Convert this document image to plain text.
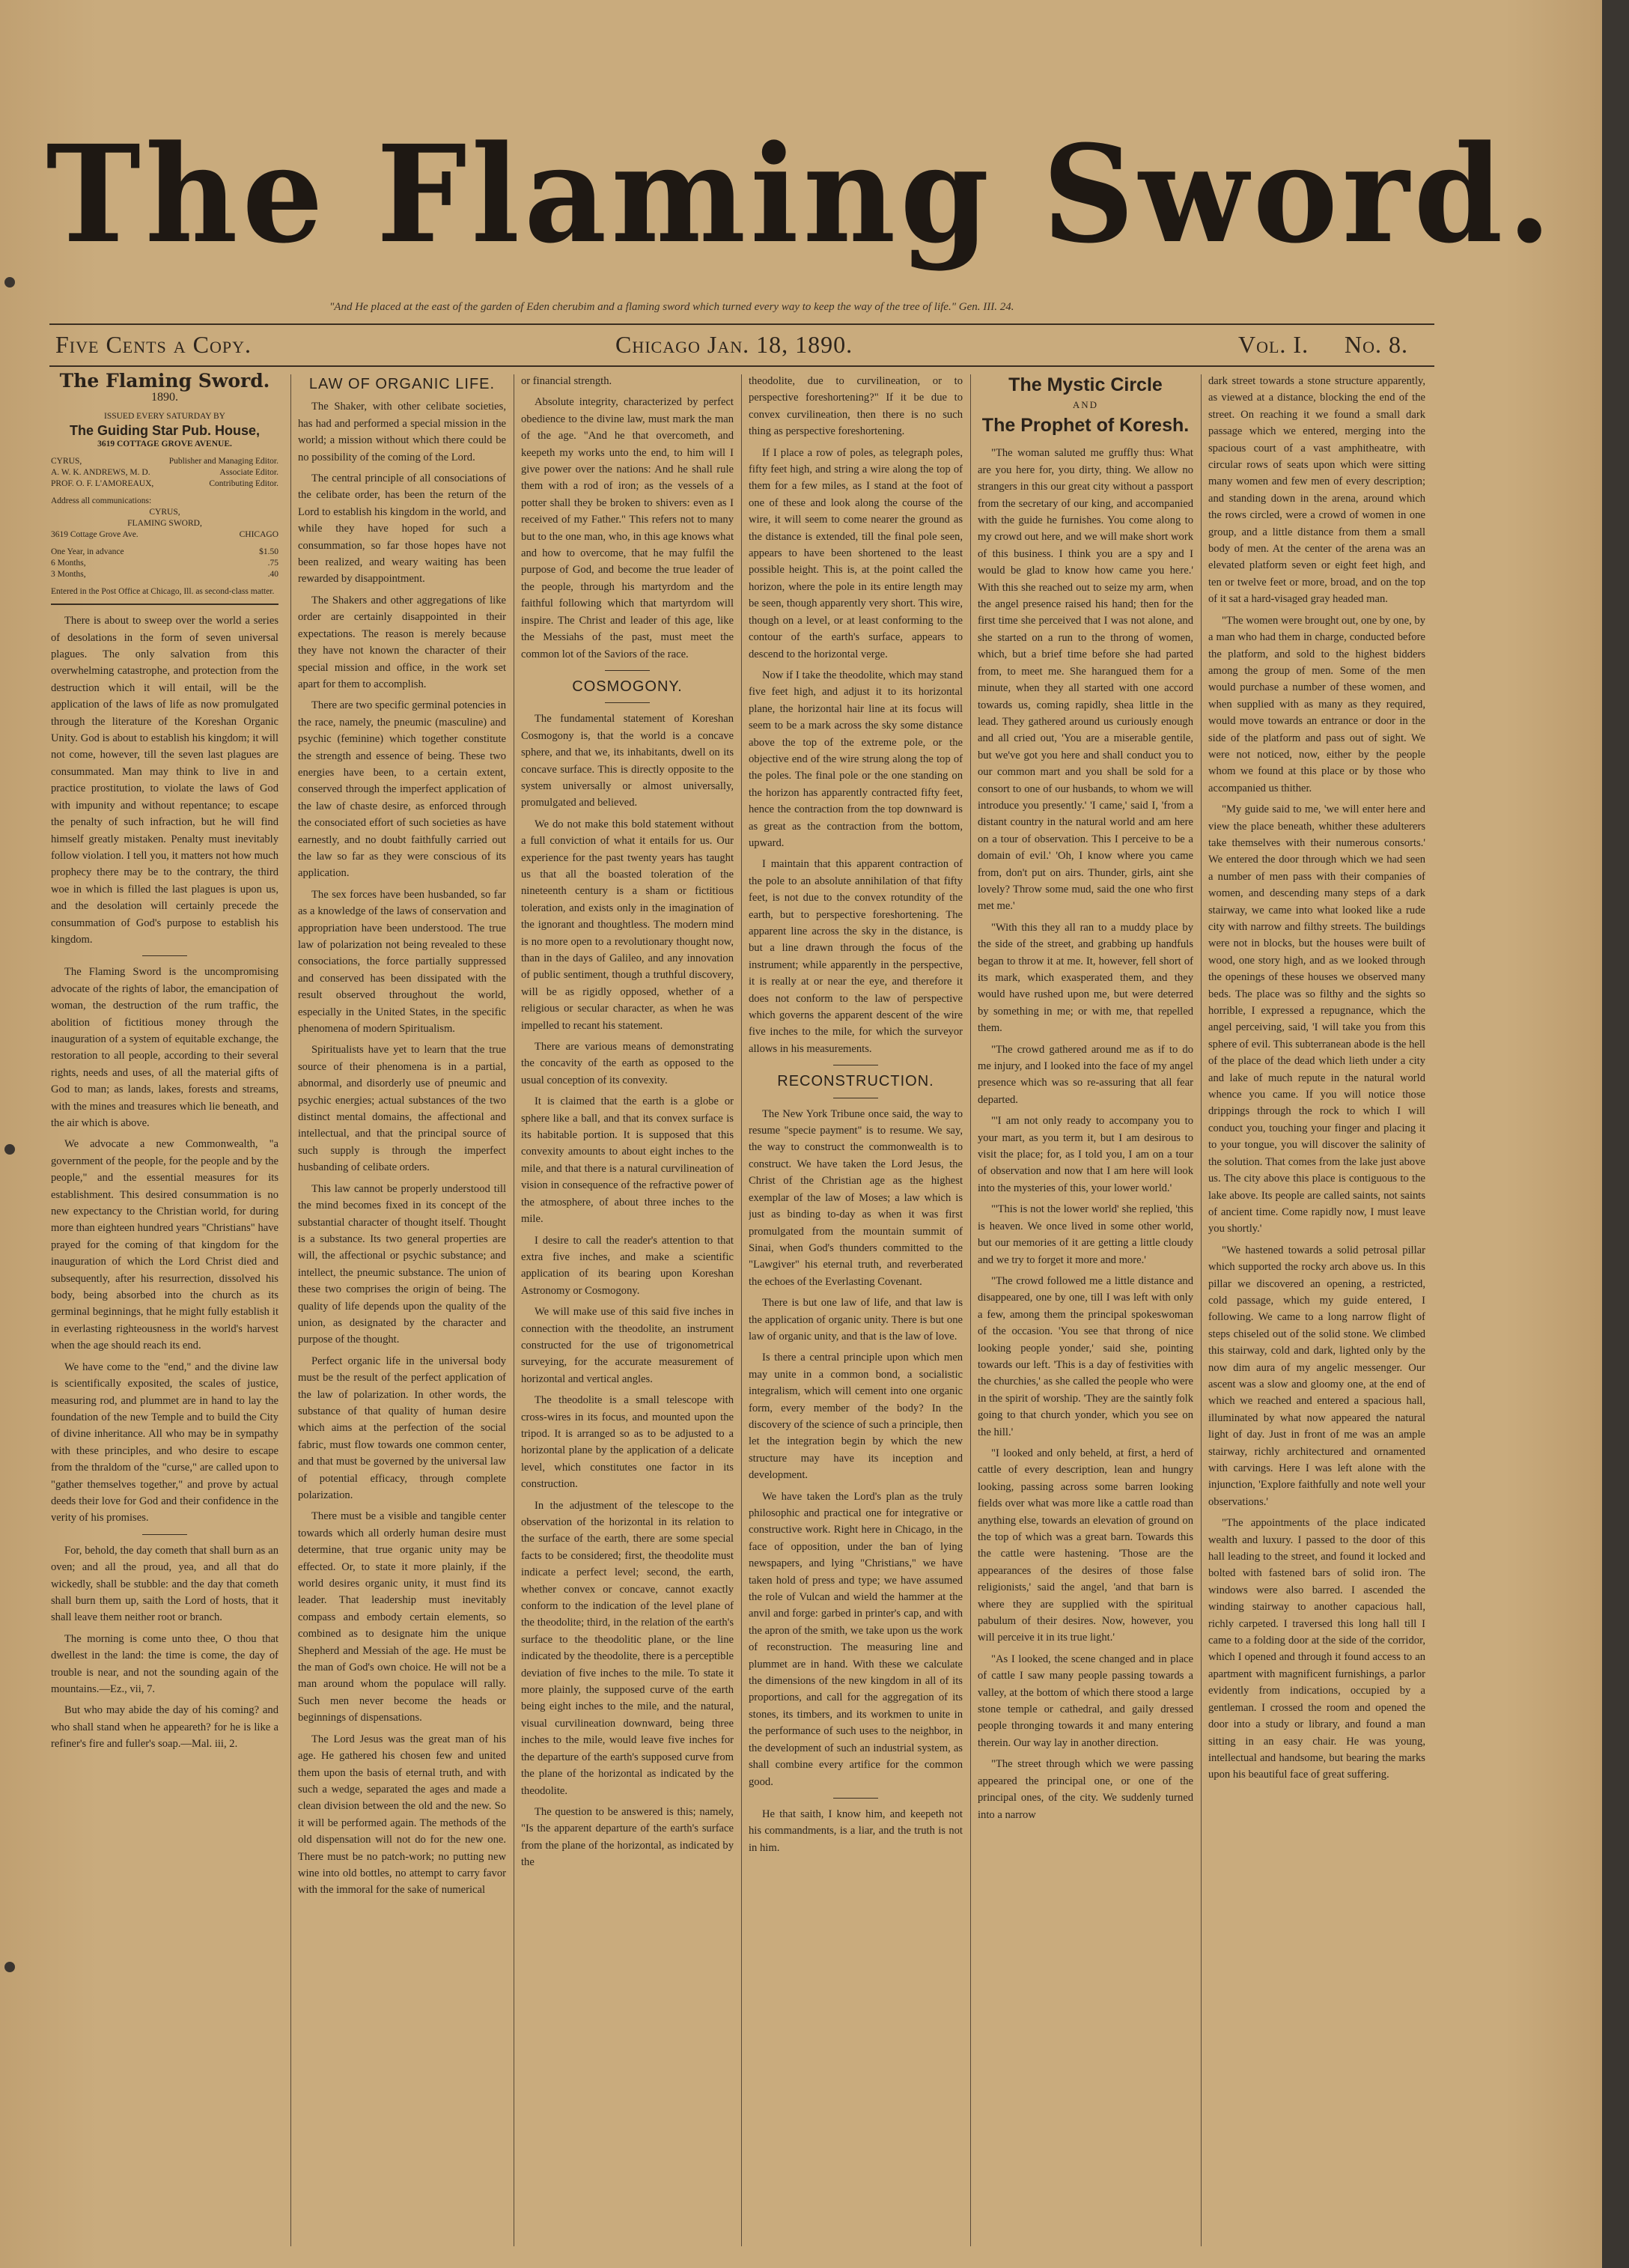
The Flaming Sword.
"And He placed at the east of the garden of Eden cherubim and a flaming sword which turned every way to keep the way of the tree of life." Gen. III. 24.
Five Cents a Copy.	Chicago Jan. 18, 1890.	Vol. I. No. 8.
The Flaming Sword.
1890.
ISSUED EVERY SATURDAY BY
The Guiding Star Pub. House,
3619 COTTAGE GROVE AVENUE.
CYRUS,	Publisher and Managing Editor.
A. W. K. ANDREWS, M. D.	Associate Editor.
PROF. O. F. L'AMOREAUX,	Contributing Editor.
Address all communications:
CYRUS,
FLAMING SWORD,
3619 Cottage Grove Ave.	CHICAGO
One Year, in advance	$1.50
6 Months,	.75
3 Months,	.40
Entered in the Post Office at Chicago, Ill. as second-class matter.

There is about to sweep over the world a series of desolations in the form of seven universal plagues. The only salvation from this overwhelming catastrophe, and protection from the destruction which it will entail, will be the application of the laws of life as now promulgated through the literature of the Koreshan Organic Unity. God is about to establish his kingdom; it will not come, however, till the seven last plagues are consummated. Man may think to live in and practice prostitution, to violate the laws of God with impunity and without repentance; to escape the penalty of such infraction, but he will find himself greatly mistaken. Penalty must inevitably follow violation. I tell you, it matters not how much prophecy there may be to the contrary, the third woe in which is filled the last plagues is upon us, and the desolation will certainly precede the consummation of God's purpose to establish his kingdom.

The Flaming Sword is the uncompromising advocate of the rights of labor, the emancipation of woman, the destruction of the rum traffic, the abolition of fictitious money through the inauguration of a system of equitable exchange, the restoration to all people, according to their several rights, needs and uses, of all the material gifts of God to man; as lands, lakes, forests and streams, with the mines and treasures which lie beneath, and the air which is above.

We advocate a new Commonwealth, "a government of the people, for the people and by the people," and the essential measures for its establishment. This desired consummation is no new expectancy to the Christian world, for during more than eighteen hundred years "Christians" have prayed for the coming of that kingdom for the inauguration of which the Lord Christ died and subsequently, after his resurrection, dissolved his body, being absorbed into the church as its germinal beginnings, that he might fully establish it in everlasting righteousness in the world's harvest when the age should reach its end.

We have come to the "end," and the divine law is scientifically exposited, the scales of justice, measuring rod, and plummet are in hand to lay the foundation of the new Temple and to build the City of divine inheritance. All who may be in sympathy with these principles, and who desire to escape from the thraldom of the "curse," are called upon to "gather themselves together," and prove by actual deeds their love for God and their confidence in the verity of his promises.

For, behold, the day cometh that shall burn as an oven; and all the proud, yea, and all that do wickedly, shall be stubble: and the day that cometh shall burn them up, saith the Lord of hosts, that it shall leave them neither root or branch.

The morning is come unto thee, O thou that dwellest in the land: the time is come, the day of trouble is near, and not the sounding again of the mountains.—Ez., vii, 7.

But who may abide the day of his coming? and who shall stand when he appeareth? for he is like a refiner's fire and fuller's soap.—Mal. iii, 2.

LAW OF ORGANIC LIFE.

The Shaker, with other celibate societies, has had and performed a special mission in the world; a mission without which there could be no possibility of the coming of the Lord.

The central principle of all consociations of the celibate order, has been the return of the Lord to establish his kingdom in the world, and while they have hoped for such a consummation, so far those hopes have not been realized, and weary waiting has been rewarded by disappointment.

The Shakers and other aggregations of like order are certainly disappointed in their expectations. The reason is merely because they have not known the character of their special mission and office, in the work set apart for them to accomplish.

There are two specific germinal potencies in the race, namely, the pneumic (masculine) and psychic (feminine) which together constitute the strength and essence of being. These two energies have been, to a certain extent, conserved through the imperfect application of the law of chaste desire, as enforced through the consociated effort of such societies as have earnestly, and no doubt faithfully carried out the law so far as they were conscious of its application.

The sex forces have been husbanded, so far as a knowledge of the laws of conservation and appropriation have been understood. The true law of polarization not being revealed to these consociations, the force partially suppressed and conserved has been dissipated with the result observed throughout the world, especially in the United States, in the specific phenomena of modern Spiritualism.

Spiritualists have yet to learn that the true source of their phenomena is in a partial, abnormal, and disorderly use of pneumic and psychic energies; actual substances of the two distinct mental domains, the affectional and intellectual, and that the principal source of such supply is through the imperfect husbanding of celibate orders.

This law cannot be properly understood till the mind becomes fixed in its concept of the substantial character of thought itself. Thought is a substance. Its two general properties are will, the affectional or psychic substance; and intellect, the pneumic substance. The union of these two comprises the origin of being. The quality of life depends upon the quality of the union, as designated by the character and purpose of the thought.

Perfect organic life in the universal body must be the result of the perfect application of the law of polarization. In other words, the substance of that quality of human desire which aims at the perfection of the social fabric, must flow towards one common center, and that must be governed by the universal law of potential efficacy, through complete polarization.

There must be a visible and tangible center towards which all orderly human desire must determine, that true organic unity may be effected. Or, to state it more plainly, if the world desires organic unity, it must find its leader. That leadership must inevitably compass and embody certain elements, so combined as to designate him the unique Shepherd and Messiah of the age. He must be the man of God's own choice. He will not be a man around whom the populace will rally. Such men never become the heads or beginnings of dispensations.

The Lord Jesus was the great man of his age. He gathered his chosen few and united them upon the basis of eternal truth, and with such a wedge, separated the ages and made a clean division between the old and the new. So it will be performed again. The methods of the old dispensation will not do for the new one. There must be no patch-work; no putting new wine into old bottles, no attempt to carry favor with the immoral for the sake of numerical

or financial strength.

Absolute integrity, characterized by perfect obedience to the divine law, must mark the man of the age. "And he that overcometh, and keepeth my works unto the end, to him will I give power over the nations: And he shall rule them with a rod of iron; as the vessels of a potter shall they be broken to shivers: even as I received of my Father." This refers not to many but to the one man, who, in this age knows what and how to overcome, that he may fulfil the purpose of God, and become the true leader of the people, through his martyrdom and the faithful following which that martyrdom will inspire. The Christ and leader of this age, like the Messiahs of the past, must meet the common lot of the Saviors of the race.

COSMOGONY.

The fundamental statement of Koreshan Cosmogony is, that the world is a concave sphere, and that we, its inhabitants, dwell on its concave surface. This is directly opposite to the system universally or almost universally, promulgated and believed.

We do not make this bold statement without a full conviction of what it entails for us. Our experience for the past twenty years has taught us that all the boasted toleration of the nineteenth century is a sham or fictitious toleration, and exists only in the imagination of the ignorant and thoughtless. The modern mind is no more open to a revolutionary thought now, than in the days of Galileo, and any innovation of public sentiment, though a truthful discovery, will be as rigidly opposed, whether of a religious or secular character, as when he was impelled to recant his statement.

There are various means of demonstrating the concavity of the earth as opposed to the usual conception of its convexity.

It is claimed that the earth is a globe or sphere like a ball, and that its convex surface is its habitable portion. It is supposed that this convexity amounts to about eight inches to the mile, and that there is a natural curvilineation of vision in consequence of the refractive power of the atmosphere, of about three inches to the mile.

I desire to call the reader's attention to that extra five inches, and make a scientific application of its bearing upon Koreshan Astronomy or Cosmogony.

We will make use of this said five inches in connection with the theodolite, an instrument constructed for the use of trigonometrical surveying, for the accurate measurement of horizontal and vertical angles.

The theodolite is a small telescope with cross-wires in its focus, and mounted upon the tripod. It is arranged so as to be adjusted to a horizontal plane by the application of a delicate level, which constitutes one factor in its construction.

In the adjustment of the telescope to the observation of the horizontal in its relation to the surface of the earth, there are some special facts to be considered; first, the theodolite must indicate a perfect level; second, the earth, whether convex or concave, cannot exactly conform to the indication of the level plane of the theodolite; third, in the relation of the earth's surface to the theodolitic plane, or the line indicated by the theodolite, there is a perceptible deviation of five inches to the mile. To state it more plainly, the supposed curve of the earth being eight inches to the mile, and the natural, visual curvilineation downward, being three inches to the mile, would leave five inches for the departure of the earth's supposed curve from the plane of the horizontal as indicated by the theodolite.

The question to be answered is this; namely, "Is the apparent departure of the earth's surface from the plane of the horizontal, as indicated by the

theodolite, due to curvilineation, or to perspective foreshortening?" If it be due to convex curvilineation, then there is no such thing as perspective foreshortening.

If I place a row of poles, as telegraph poles, fifty feet high, and string a wire along the top of them for a few miles, as I stand at the foot of one of these and look along the course of the wire, it will seem to come nearer the ground as the distance is extended, till the final pole seen, appears to have been shortened to the least possible height. This is, at the point called the horizon, where the pole in its entire length may be seen, though apparently very short. This wire, though on a level, or at least conforming to the contour of the earth's surface, appears to descend to the horizontal verge.

Now if I take the theodolite, which may stand five feet high, and adjust it to its horizontal plane, the horizontal hair line at its focus will seem to be a mark across the sky some distance above the top of the extreme pole, or the objective end of the wire strung along the top of the poles. The final pole or the one standing on the horizon has apparently contracted fifty feet, hence the contraction from the top downward is as great as the contraction from the bottom, upward.

I maintain that this apparent contraction of the pole to an absolute annihilation of that fifty feet, is not due to the convex rotundity of the earth, but to perspective foreshortening. The apparent line across the sky in the distance, is but a line drawn through the focus of the instrument; while apparently in the perspective, it is really at or near the eye, and therefore it does not conform to the law of perspective which governs the apparent descent of the wire five inches to the mile, for which the surveyor allows in his measurements.

RECONSTRUCTION.

The New York Tribune once said, the way to resume "specie payment" is to resume. We say, the way to construct the commonwealth is to construct. We have taken the Lord Jesus, the Christ of the Christian age as the highest exemplar of the law of Moses; a law which is just as binding to-day as when it was first promulgated from the mountain summit of Sinai, when God's thunders committed to the "Lawgiver" his eternal truth, and reverberated the echoes of the Everlasting Covenant.

There is but one law of life, and that law is the application of organic unity. There is but one law of organic unity, and that is the law of love.

Is there a central principle upon which men may unite in a common bond, a socialistic integralism, which will cement into one organic form, every member of the body? In the discovery of the science of such a principle, then let the integration begin by which the new structure may have its inception and development.

We have taken the Lord's plan as the truly philosophic and practical one for integrative or constructive work. Right here in Chicago, in the face of opposition, under the ban of lying newspapers, and lying "Christians," we have taken hold of press and type; we have assumed the role of Vulcan and wield the hammer at the anvil and forge: garbed in printer's cap, and with the apron of the smith, we take upon us the work of reconstruction. The measuring line and plummet are in hand. With these we calculate the dimensions of the new kingdom in all of its proportions, and call for the aggregation of its stones, its timbers, and its workmen to unite in the performance of such uses to the neighbor, in the development of such an industrial system, as shall combine every artifice for the common good.

He that saith, I know him, and keepeth not his commandments, is a liar, and the truth is not in him.

The Mystic Circle
AND
The Prophet of Koresh.

"The woman saluted me gruffly thus: What are you here for, you dirty, thing. We allow no strangers in this our great city without a passport from the secretary of our king, and accompanied with the guide he furnishes. You come along to my crowd out here, and we will make short work of this business. I think you are a spy and I would be glad to know how came you here.' With this she reached out to seize my arm, when the angel presence raised his hand; then for the first time she perceived that I was not alone, and she started on a run to the throng of women, which, but a brief time before she had parted from, to meet me. She harangued them for a minute, when they all started with one accord towards us, coming rapidly, shea little in the lead. They gathered around us curiously enough and all cried out, 'You are a miserable gentile, but we've got you here and shall conduct you to our common mart and you shall be sold for a consort to one of our husbands, to whom we will introduce you presently.' 'I came,' said I, 'from a distant country in the natural world and am here on a tour of observation. This I perceive to be a domain of evil.' 'Oh, I know where you came from, don't put on airs. Thunder, girls, aint she lovely? Throw some mud, said the one who first met me.'

"With this they all ran to a muddy place by the side of the street, and grabbing up handfuls began to throw it at me. It, however, fell short of its mark, which exasperated them, and they would have rushed upon me, but were deterred by something in me; or with me, that repelled them.

"The crowd gathered around me as if to do me injury, and I looked into the face of my angel presence which was so re-assuring that all fear departed.

"'I am not only ready to accompany you to your mart, as you term it, but I am desirous to visit the place; for, as I told you, I am on a tour of observation and now that I am here will look into the mysteries of this, your lower world.'

"'This is not the lower world' she replied, 'this is heaven. We once lived in some other world, but our memories of it are getting a little cloudy and we try to forget it more and more.'

"The crowd followed me a little distance and disappeared, one by one, till I was left with only a few, among them the principal spokeswoman of the occasion. 'You see that throng of nice looking people yonder,' said she, pointing towards our left. 'This is a day of festivities with the churchies,' as she called the people who were in the spirit of worship. 'They are the saintly folk going to that church yonder, which you see on the hill.'

"I looked and only beheld, at first, a herd of cattle of every description, lean and hungry looking, passing across some barren looking fields over what was more like a cattle road than anything else, towards an elevation of ground on the top of which was a great barn. Towards this the cattle were hastening. 'Those are the appearances of the desires of those false religionists,' said the angel, 'and that barn is where they are supplied with the spiritual pabulum of their desires. Now, however, you will perceive it in its true light.'

"As I looked, the scene changed and in place of cattle I saw many people passing towards a valley, at the bottom of which there stood a large stone temple or cathedral, and gaily dressed people thronging towards it and many entering therein. Our way lay in another direction.

"The street through which we were passing appeared the principal one, or one of the principal ones, of the city. We suddenly turned into a narrow

dark street towards a stone structure apparently, as viewed at a distance, blocking the end of the street. On reaching it we found a small dark passage which we entered, merging into the spacious court of a vast amphitheatre, with circular rows of seats upon which were sitting many women and few men of every description; and standing down in the arena, around which the rows circled, were a crowd of women in one group, and a little distance from them a small body of men. At the center of the arena was an elevated platform seven or eight feet high, and ten or twelve feet or more, broad, and on the top of it sat a hard-visaged gray headed man.

"The women were brought out, one by one, by a man who had them in charge, conducted before the platform, and sold to the highest bidders among the group of men. Some of the men would purchase a number of these women, and when supplied with as many as they required, would move towards an entrance or door in the side of the platform and pass out of sight. We were not noticed, now, either by the people whom we found at this place or by those who accompanied us thither.

"My guide said to me, 'we will enter here and view the place beneath, whither these adulterers take themselves with their numerous consorts.' We entered the door through which we had seen a number of men pass with their companies of women, and descending many steps of a dark stairway, we came into what looked like a rude city with narrow and filthy streets. The buildings were not in blocks, but the houses were built of wood, one story high, and as we looked through the openings of these houses we observed many beds. The place was so filthy and the sights so horrible, I expressed a repugnance, which the angel perceiving, said, 'I will take you from this sphere of evil. This subterranean abode is the hell of the place of the dead which lieth under a city and lake of much repute in the natural world whence you came. If you will notice those drippings through the rock to which I will conduct you, touching your finger and placing it to your tongue, you will discover the salinity of the solution. That comes from the lake just above us. The city above this place is contiguous to the lake above. Its people are called saints, not saints of ancient time. Come rapidly now, I must leave you shortly.'

"We hastened towards a solid petrosal pillar which supported the rocky arch above us. In this pillar we discovered an opening, a restricted, cold passage, which my guide entered, I following. We came to a long narrow flight of steps chiseled out of the solid stone. We climbed this stairway, cold and dark, lighted only by the now dim aura of my angelic messenger. Our ascent was a slow and gloomy one, at the end of which we reached and entered a spacious hall, illuminated by what now appeared the natural light of day. Just in front of me was an ample stairway, richly architectured and ornamented with carvings. Here I was left alone with the injunction, 'Explore faithfully and note well your observations.'

"The appointments of the place indicated wealth and luxury. I passed to the door of this hall leading to the street, and found it locked and bolted with fastened bars of solid iron. The windows were also barred. I ascended the winding stairway to another capacious hall, richly carpeted. I traversed this long hall till I came to a folding door at the side of the corridor, which I opened and through it found access to an apartment with magnificent furnishings, a parlor evidently from indications, occupied by a gentleman. I crossed the room and opened the door into a study or library, and found a man sitting in an easy chair. He was young, intellectual and handsome, but bearing the marks upon his beautiful face of great suffering.
